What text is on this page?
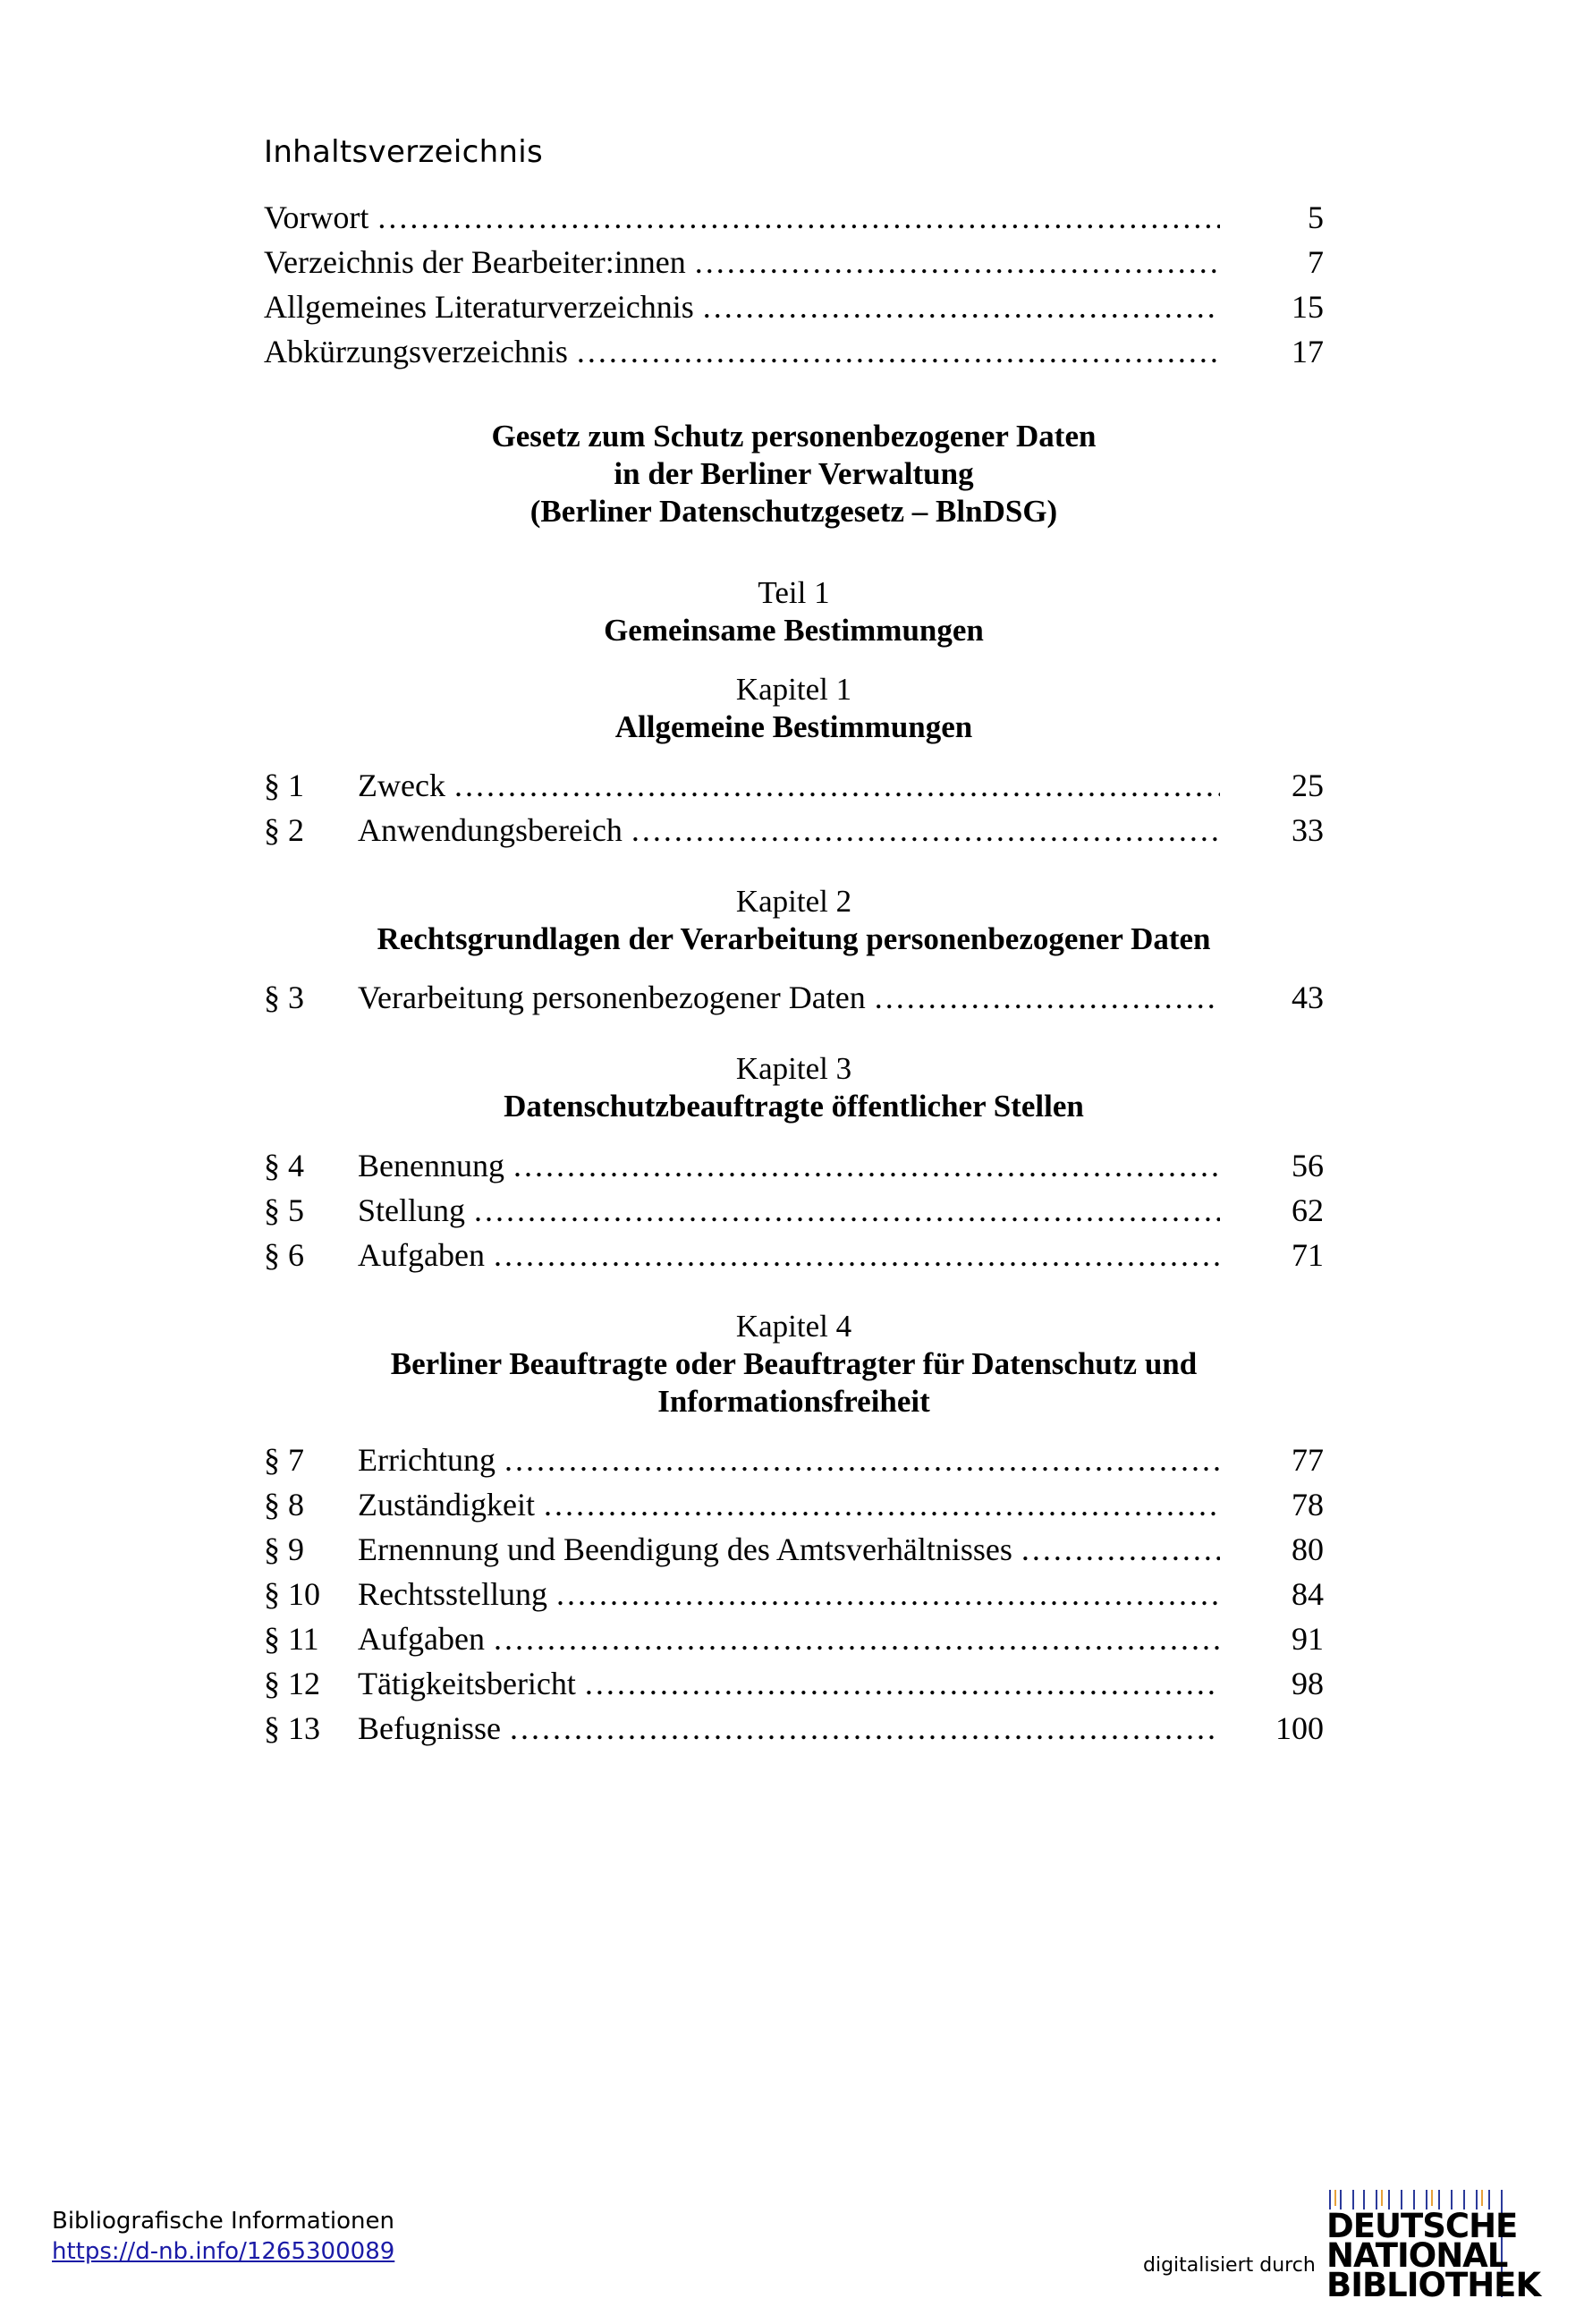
Inhaltsverzeichnis
Vorwort . . .	5
Verzeichnis der Bearbeiter:innen . . .	7
Allgemeines Literaturverzeichnis . . .	15
Abkürzungsverzeichnis . . .	17
Gesetz zum Schutz personenbezogener Daten
in der Berliner Verwaltung
(Berliner Datenschutzgesetz – BlnDSG)
Teil 1
Gemeinsame Bestimmungen
Kapitel 1
Allgemeine Bestimmungen
§ 1	Zweck . . .	25
§ 2	Anwendungsbereich . . .	33
Kapitel 2
Rechtsgrundlagen der Verarbeitung personenbezogener Daten
§ 3	Verarbeitung personenbezogener Daten . . .	43
Kapitel 3
Datenschutzbeauftragte öffentlicher Stellen
§ 4	Benennung . . .	56
§ 5	Stellung . . .	62
§ 6	Aufgaben . . .	71
Kapitel 4
Berliner Beauftragte oder Beauftragter für Datenschutz und
Informationsfreiheit
§ 7	Errichtung . . .	77
§ 8	Zuständigkeit . . .	78
§ 9	Ernennung und Beendigung des Amtsverhältnisses . . .	80
§ 10	Rechtsstellung . . .	84
§ 11	Aufgaben . . .	91
§ 12	Tätigkeitsbericht . . .	98
§ 13	Befugnisse . . .	100
Bibliografische Informationen
https://d-nb.info/1265300089
digitalisiert durch
DEUTSCHE
NATIONAL
BIBLIOTHEK
